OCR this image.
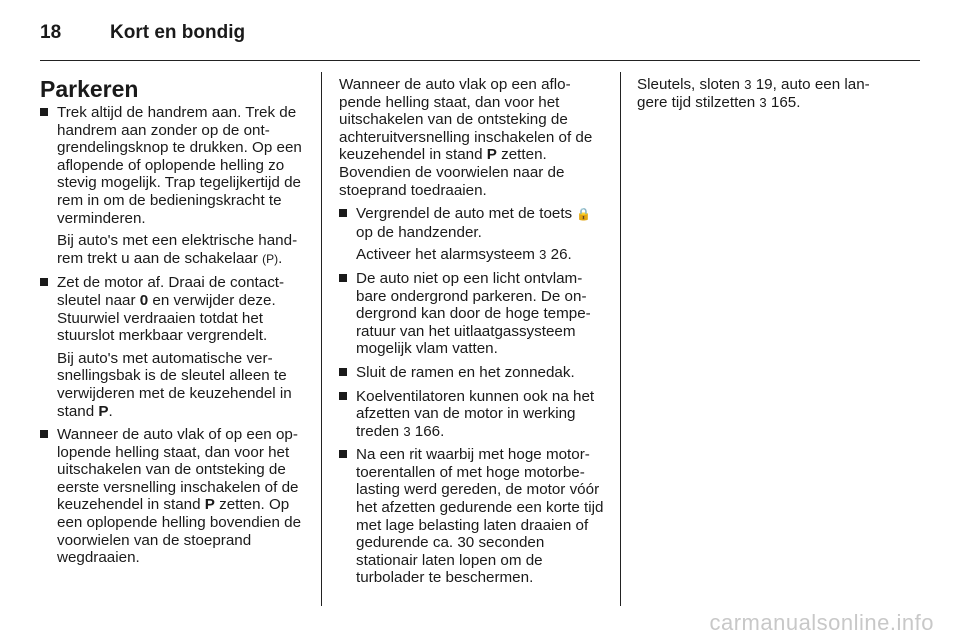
18	Kort en bondig
Parkeren
Trek altijd de handrem aan. Trek de handrem aan zonder op de ontgrendelingsknop te drukken. Op een aflopende of oplopende helling zo stevig mogelijk. Trap tegelijkertijd de rem in om de bedieningskracht te verminderen.
Bij auto's met een elektrische handrem trekt u aan de schakelaar (P).
Zet de motor af. Draai de contactsleutel naar 0 en verwijder deze. Stuurwiel verdraaien totdat het stuurslot merkbaar vergrendelt.
Bij auto's met automatische versnellingsbak is de sleutel alleen te verwijderen met de keuzehendel in stand P.
Wanneer de auto vlak of op een oplopende helling staat, dan voor het uitschakelen van de ontsteking de eerste versnelling inschakelen of de keuzehendel in stand P zetten. Op een oplopende helling bovendien de voorwielen van de stoeprand wegdraaien.
Wanneer de auto vlak op een aflopende helling staat, dan voor het uitschakelen van de ontsteking de achteruitversnelling inschakelen of de keuzehendel in stand P zetten. Bovendien de voorwielen naar de stoeprand toedraaien.
Vergrendel de auto met de toets 🔒
op de handzender.
Activeer het alarmsysteem 3 26.
De auto niet op een licht ontvlambare ondergrond parkeren. De ondergrond kan door de hoge temperatuur van het uitlaatgassysteem mogelijk vlam vatten.
Sluit de ramen en het zonnedak.
Koelventilatoren kunnen ook na het afzetten van de motor in werking treden 3 166.
Na een rit waarbij met hoge motortoerentallen of met hoge motorbelasting werd gereden, de motor vóór het afzetten gedurende een korte tijd met lage belasting laten draaien of gedurende ca. 30 seconden stationair laten lopen om de turbolader te beschermen.
Sleutels, sloten 3 19, auto een langere tijd stilzetten 3 165.
carmanualsonline.info
